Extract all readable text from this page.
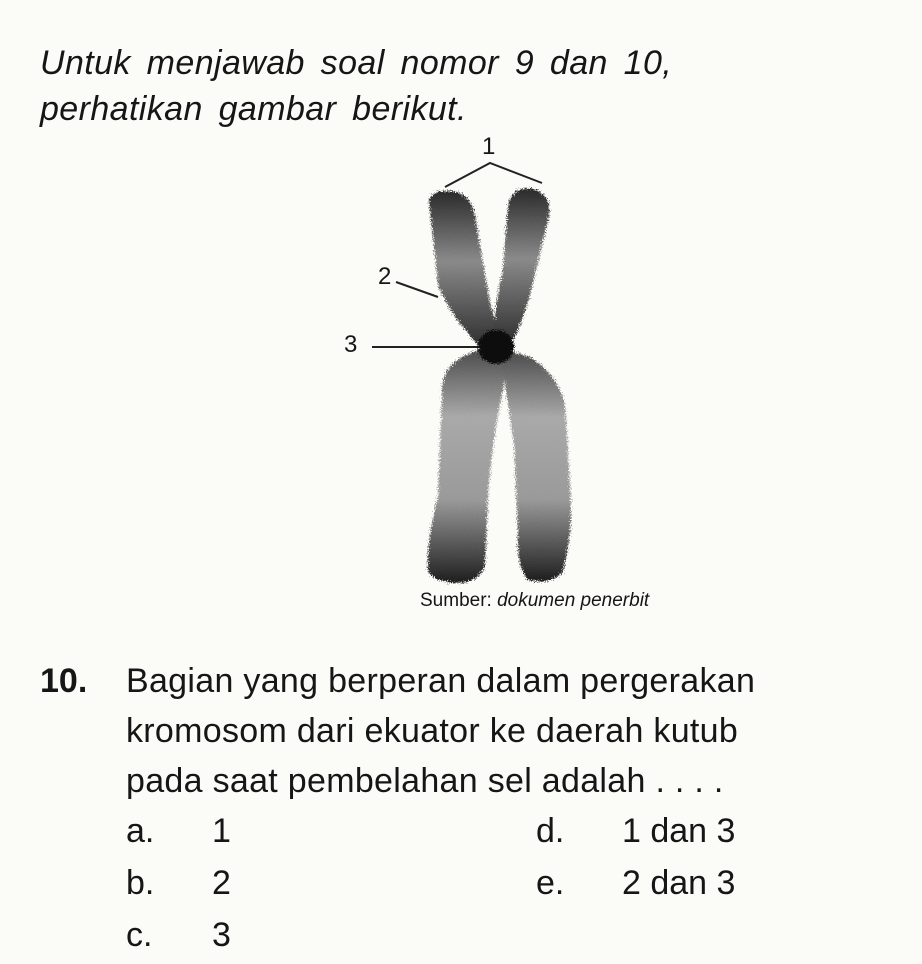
Untuk menjawab soal nomor 9 dan 10,
perhatikan gambar berikut.
1
2
3
Sumber: dokumen penerbit
10. Bagian yang berperan dalam pergerakan
kromosom dari ekuator ke daerah kutub
pada saat pembelahan sel adalah . . . .
a. 1
b. 2
c. 3
d. 1 dan 3
e. 2 dan 3
